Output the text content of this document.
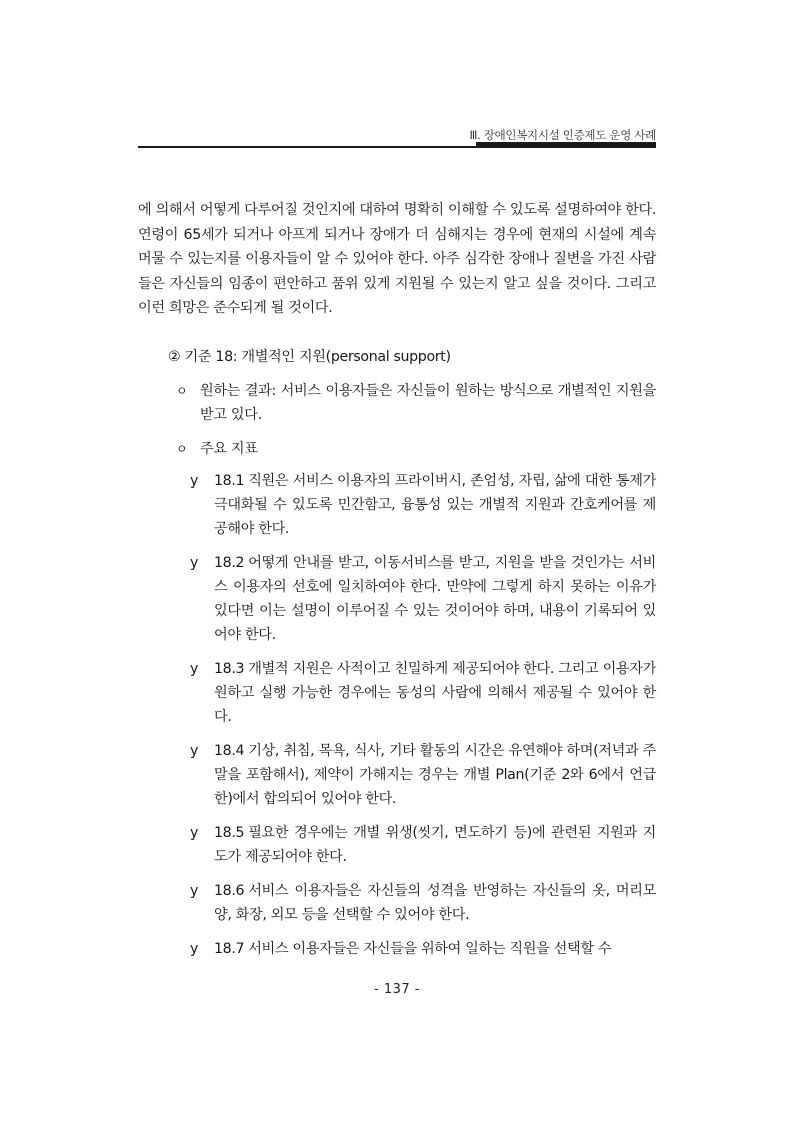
Ⅲ. 장애인복지시설 인증제도 운영 사례

에 의해서 어떻게 다루어질 것인지에 대하여 명확히 이해할 수 있도록 설명하여야 한다. 연령이 65세가 되거나 아프게 되거나 장애가 더 심해지는 경우에 현재의 시설에 계속 머물 수 있는지를 이용자들이 알 수 있어야 한다. 아주 심각한 장애나 질변을 가진 사람들은 자신들의 임종이 편안하고 품위 있게 지원될 수 있는지 알고 싶을 것이다. 그리고 이런 희망은 준수되게 될 것이다.

② 기준 18: 개별적인 지원(personal support)
ㅇ 원하는 결과: 서비스 이용자들은 자신들이 원하는 방식으로 개별적인 지원을 받고 있다.
ㅇ 주요 지표
y 18.1 직원은 서비스 이용자의 프라이버시, 존엄성, 자립, 삶에 대한 통제가 극대화될 수 있도록 민간함고, 융통성 있는 개별적 지원과 간호케어를 제공해야 한다.
y 18.2 어떻게 안내를 받고, 이동서비스를 받고, 지원을 받을 것인가는 서비스 이용자의 선호에 일치하여야 한다. 만약에 그렇게 하지 못하는 이유가 있다면 이는 설명이 이루어질 수 있는 것이어야 하며, 내용이 기록되어 있어야 한다.
y 18.3 개별적 지원은 사적이고 친밀하게 제공되어야 한다. 그리고 이용자가 원하고 실행 가능한 경우에는 동성의 사람에 의해서 제공될 수 있어야 한다.
y 18.4 기상, 취침, 목욕, 식사, 기타 활동의 시간은 유연해야 하며(저녁과 주말을 포함해서), 제약이 가해지는 경우는 개별 Plan(기준 2와 6에서 언급한)에서 합의되어 있어야 한다.
y 18.5 필요한 경우에는 개별 위생(씻기, 면도하기 등)에 관련된 지원과 지도가 제공되어야 한다.
y 18.6 서비스 이용자들은 자신들의 성격을 반영하는 자신들의 옷, 머리모양, 화장, 외모 등을 선택할 수 있어야 한다.
y 18.7 서비스 이용자들은 자신들을 위하여 일하는 직원을 선택할 수
- 137 -
